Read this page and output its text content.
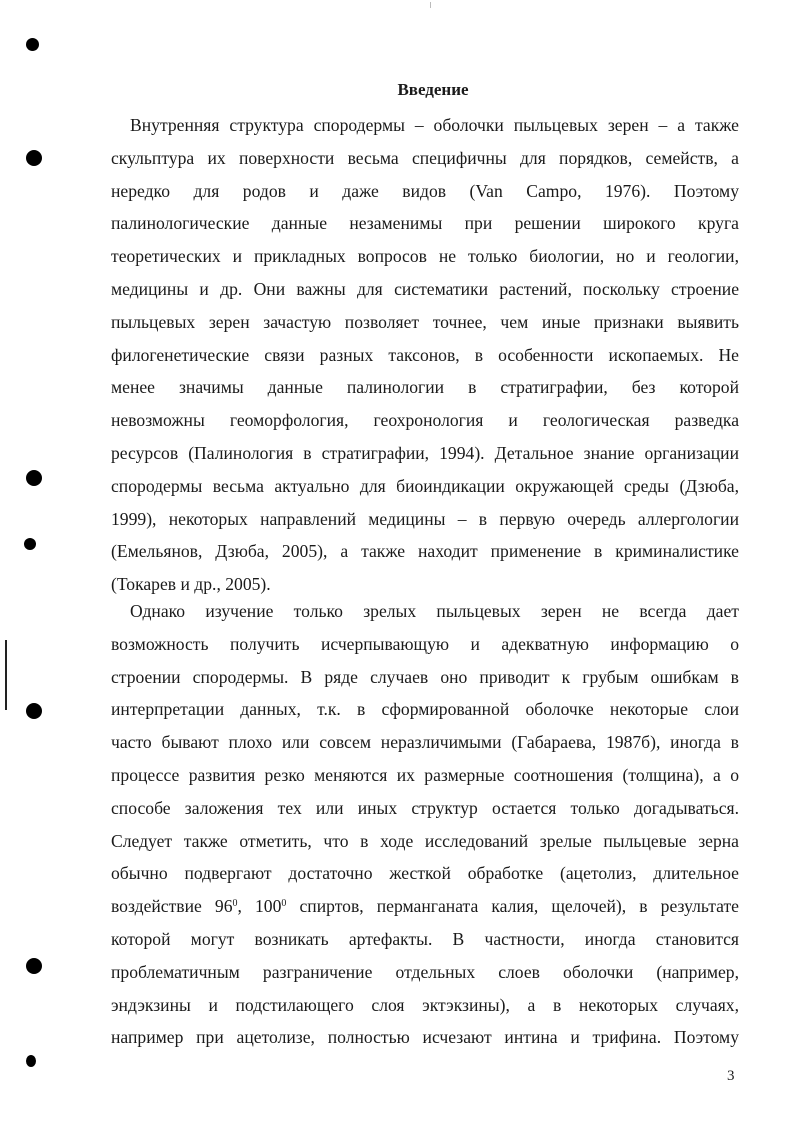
Введение
Внутренняя структура спородермы – оболочки пыльцевых зерен – а также
скульптура их поверхности весьма специфичны для порядков, семейств, а
нередко для родов и даже видов (Van Campo, 1976). Поэтому
палинологические данные незаменимы при решении широкого круга
теоретических и прикладных вопросов не только биологии, но и геологии,
медицины и др. Они важны для систематики растений, поскольку строение
пыльцевых зерен зачастую позволяет точнее, чем иные признаки выявить
филогенетические связи разных таксонов, в особенности ископаемых. Не
менее значимы данные палинологии в стратиграфии, без которой
невозможны геоморфология, геохронология и геологическая разведка
ресурсов (Палинология в стратиграфии, 1994). Детальное знание организации
спородермы весьма актуально для биоиндикации окружающей среды (Дзюба,
1999), некоторых направлений медицины – в первую очередь аллергологии
(Емельянов, Дзюба, 2005), а также находит применение в криминалистике
(Токарев и др., 2005).
Однако изучение только зрелых пыльцевых зерен не всегда дает
возможность получить исчерпывающую и адекватную информацию о
строении спородермы. В ряде случаев оно приводит к грубым ошибкам в
интерпретации данных, т.к. в сформированной оболочке некоторые слои
часто бывают плохо или совсем неразличимыми (Габараева, 1987б), иногда в
процессе развития резко меняются их размерные соотношения (толщина), а о
способе заложения тех или иных структур остается только догадываться.
Следует также отметить, что в ходе исследований зрелые пыльцевые зерна
обычно подвергают достаточно жесткой обработке (ацетолиз, длительное
воздействие $96^0$, $100^0$ спиртов, перманганата калия, щелочей), в результате
которой могут возникать артефакты. В частности, иногда становится
проблематичным разграничение отдельных слоев оболочки (например,
эндэкзины и подстилающего слоя эктэкзины), а в некоторых случаях,
например при ацетолизе, полностью исчезают интина и трифина. Поэтому
3
